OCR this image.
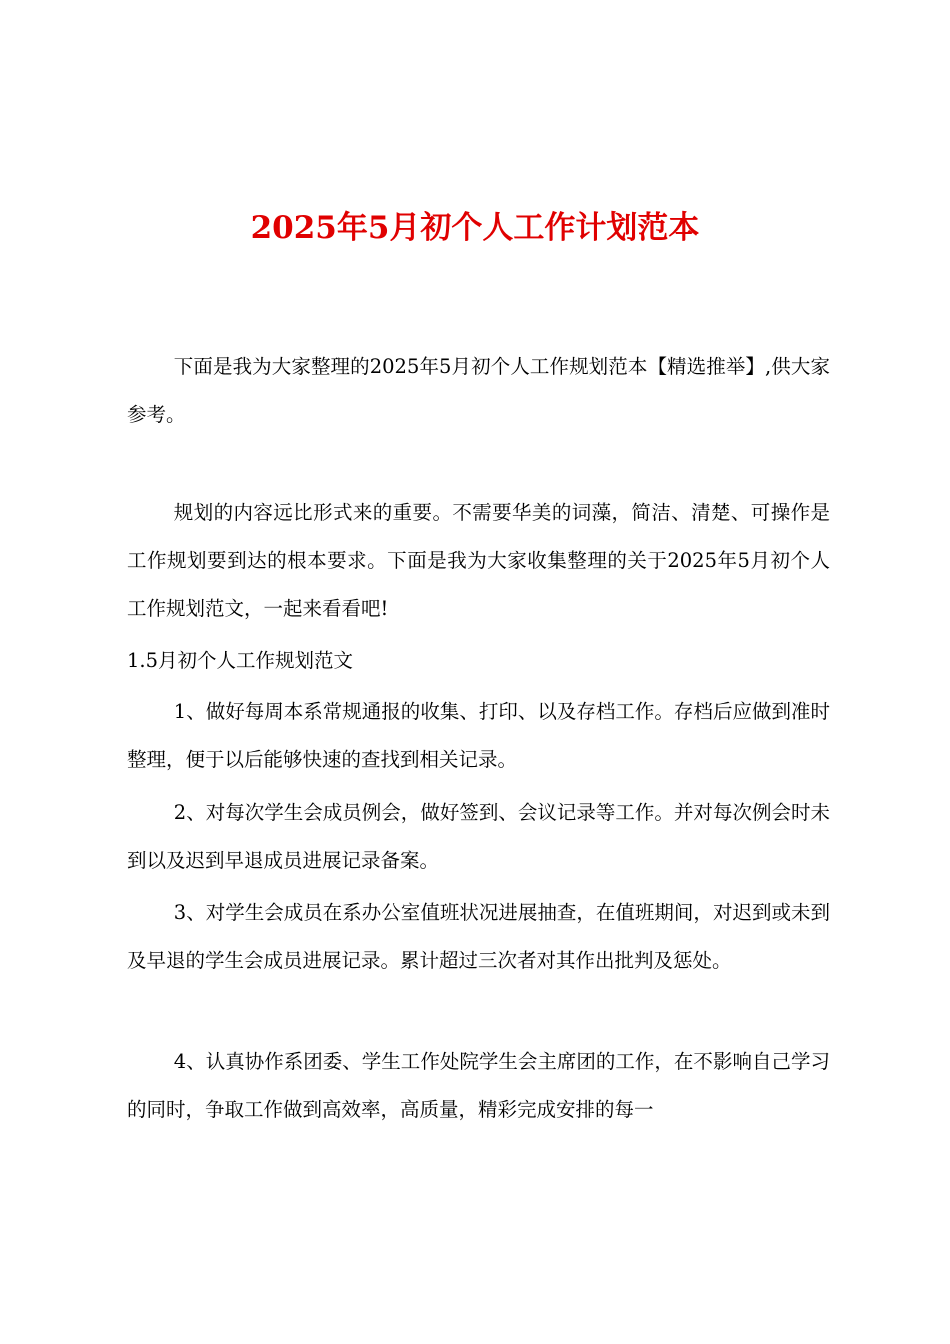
2025年5月初个人工作计划范本

下面是我为大家整理的2025年5月初个人工作规划范本【精选推举】,供大家参考。

规划的内容远比形式来的重要。不需要华美的词藻，简洁、清楚、可操作是工作规划要到达的根本要求。下面是我为大家收集整理的关于2025年5月初个人工作规划范文，一起来看看吧!

1.5月初个人工作规划范文

1、做好每周本系常规通报的收集、打印、以及存档工作。存档后应做到准时整理，便于以后能够快速的查找到相关记录。

2、对每次学生会成员例会，做好签到、会议记录等工作。并对每次例会时未到以及迟到早退成员进展记录备案。

3、对学生会成员在系办公室值班状况进展抽查，在值班期间，对迟到或未到及早退的学生会成员进展记录。累计超过三次者对其作出批判及惩处。

4、认真协作系团委、学生工作处院学生会主席团的工作，在不影响自己学习的同时，争取工作做到高效率，高质量，精彩完成安排的每一
